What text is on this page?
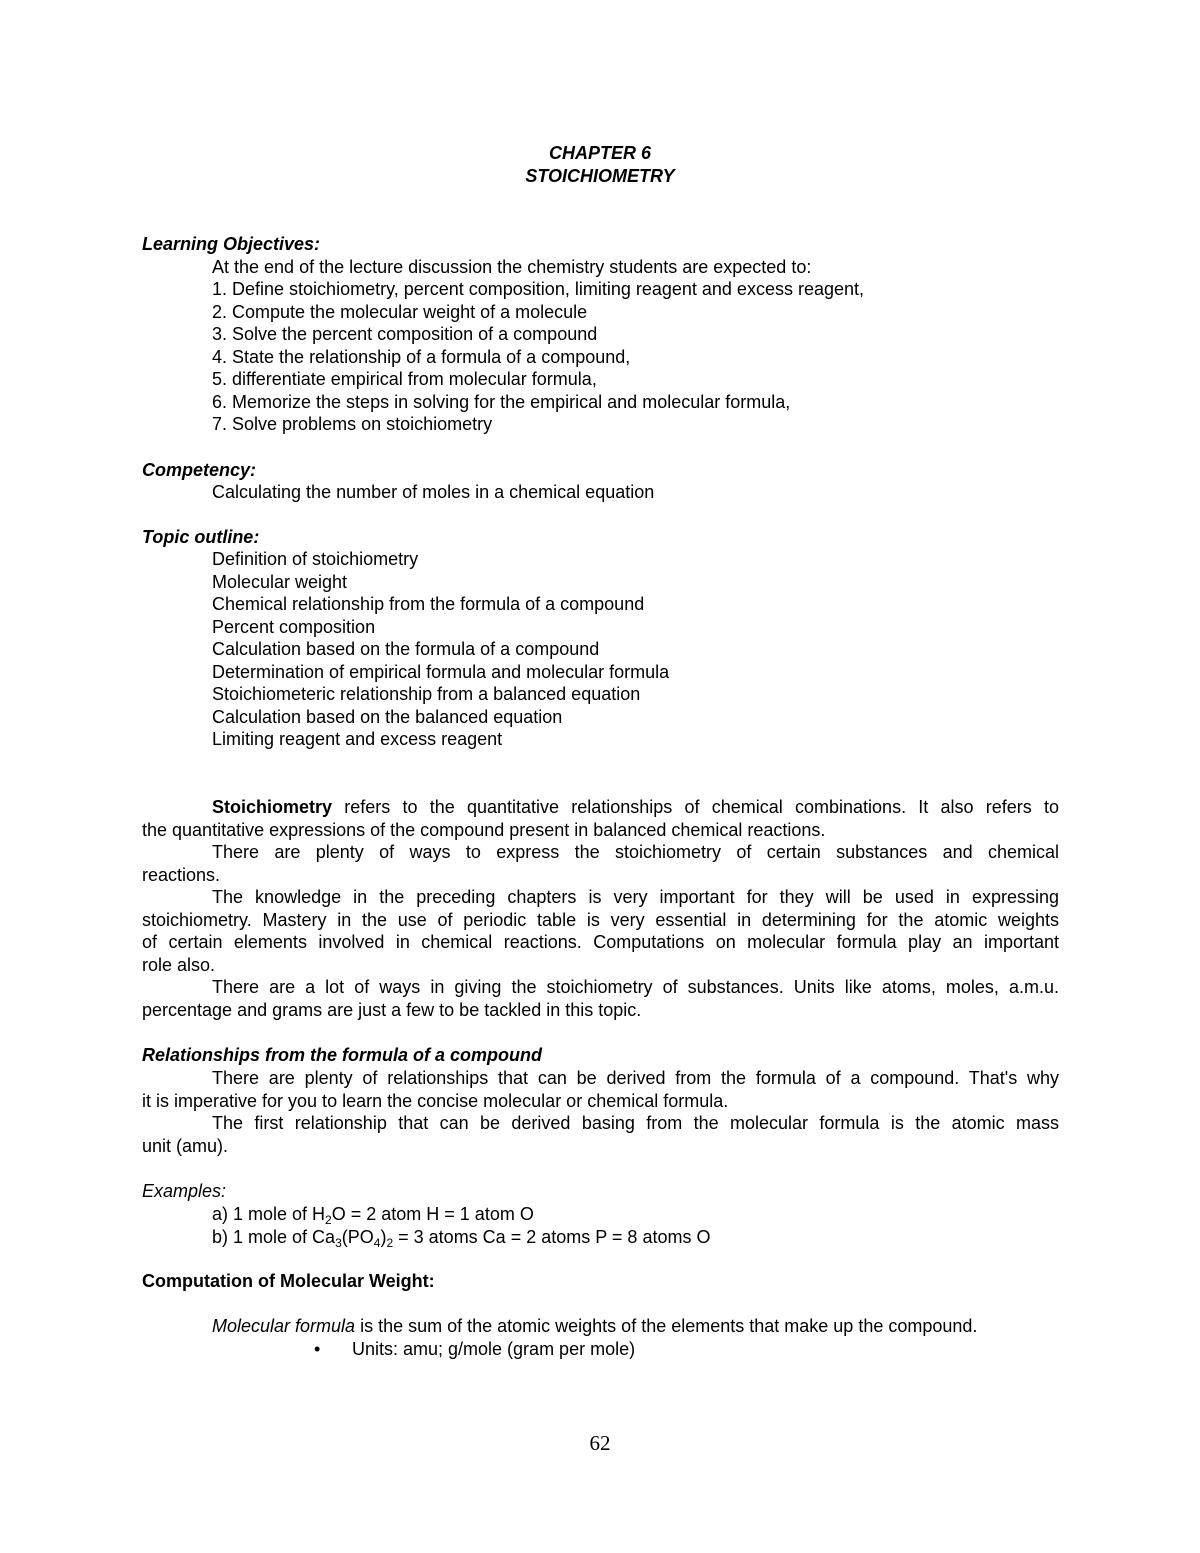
CHAPTER 6
STOICHIOMETRY
Learning Objectives:
At the end of the lecture discussion the chemistry students are expected to:
1. Define stoichiometry, percent composition, limiting reagent and excess reagent,
2. Compute the molecular weight of a molecule
3. Solve the percent composition of a compound
4. State the relationship of a formula of a compound,
5. differentiate empirical from molecular formula,
6. Memorize the steps in solving for the empirical and molecular formula,
7. Solve problems on stoichiometry
Competency:
Calculating the number of moles in a chemical equation
Topic outline:
Definition of stoichiometry
Molecular weight
Chemical relationship from the formula of a compound
Percent composition
Calculation based on the formula of a compound
Determination of empirical formula and molecular formula
Stoichiometeric relationship from a balanced equation
Calculation based on the balanced equation
Limiting reagent and excess reagent
Stoichiometry refers to the quantitative relationships of chemical combinations. It also refers to
the quantitative expressions of the compound present in balanced chemical reactions.
There are plenty of ways to express the stoichiometry of certain substances and chemical
reactions.
The knowledge in the preceding chapters is very important for they will be used in expressing
stoichiometry. Mastery in the use of periodic table is very essential in determining for the atomic weights
of certain elements involved in chemical reactions. Computations on molecular formula play an important
role also.
There are a lot of ways in giving the stoichiometry of substances. Units like atoms, moles, a.m.u.
percentage and grams are just a few to be tackled in this topic.
Relationships from the formula of a compound
There are plenty of relationships that can be derived from the formula of a compound. That's why
it is imperative for you to learn the concise molecular or chemical formula.
The first relationship that can be derived basing from the molecular formula is the atomic mass
unit (amu).
Examples:
a) 1 mole of $H_2O = 2$ atom H = 1 atom O
b) 1 mole of $Ca_3(PO_4)_2 = 3$ atoms Ca = 2 atoms P = 8 atoms O
Computation of Molecular Weight:
Molecular formula is the sum of the atomic weights of the elements that make up the compound.
• Units: amu; g/mole (gram per mole)
62
